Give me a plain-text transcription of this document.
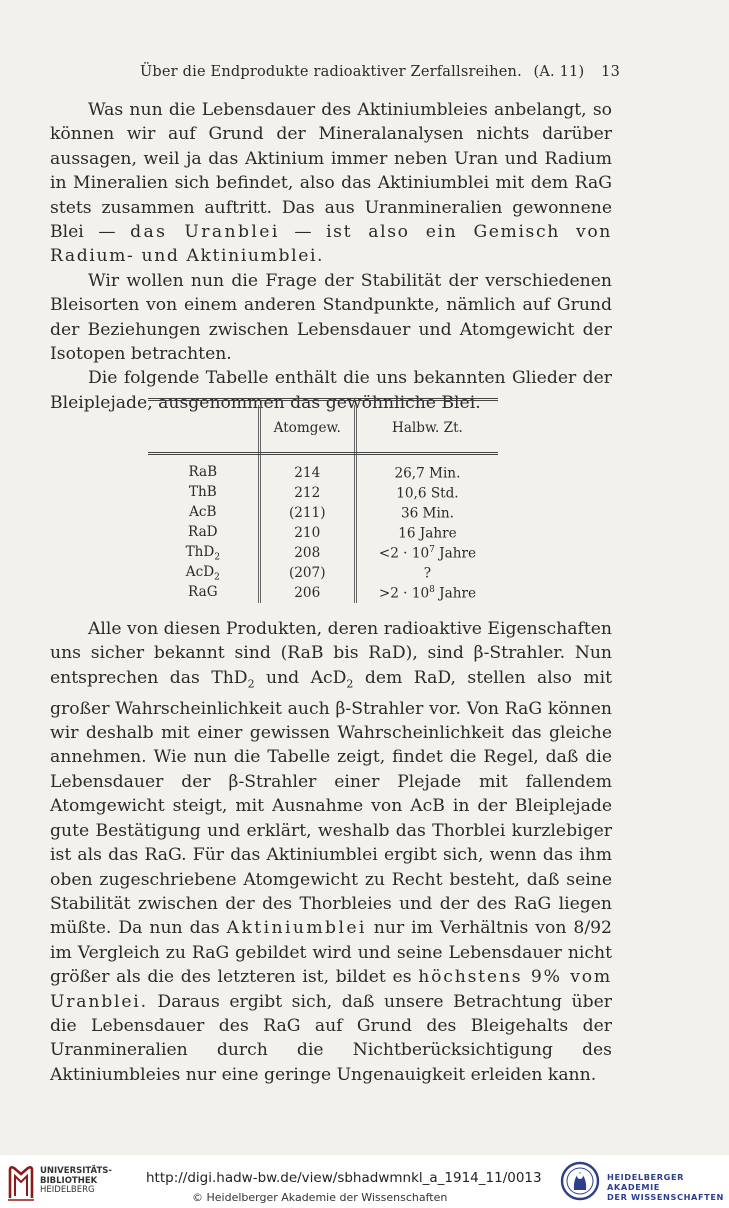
Über die Endprodukte radioaktiver Zerfallsreihen. (A. 11) 13

Was nun die Lebensdauer des Aktiniumbleies anbelangt, so können wir auf Grund der Mineralanalysen nichts darüber aussagen, weil ja das Aktinium immer neben Uran und Radium in Mineralien sich befindet, also das Aktiniumblei mit dem RaG stets zusammen auftritt. Das aus Uranmineralien gewonnene Blei — das Uranblei — ist also ein Gemisch von Radium- und Aktiniumblei.

Wir wollen nun die Frage der Stabilität der verschiedenen Bleisorten von einem anderen Standpunkte, nämlich auf Grund der Beziehungen zwischen Lebensdauer und Atomgewicht der Isotopen betrachten.

Die folgende Tabelle enthält die uns bekannten Glieder der Bleiplejade, ausgenommen das gewöhnliche Blei.

	Atomgew.	Halbw. Zt.
RaB	214	26,7 Min.
ThB	212	10,6 Std.
AcB	(211)	36 Min.
RaD	210	16 Jahre
ThD$_2$	208	$<2 \cdot 10^7$ Jahre
AcD$_2$	(207)	?
RaG	206	$>2 \cdot 10^8$ Jahre

Alle von diesen Produkten, deren radioaktive Eigenschaften uns sicher bekannt sind (RaB bis RaD), sind β-Strahler. Nun entsprechen das ThD$_2$ und AcD$_2$ dem RaD, stellen also mit großer Wahrscheinlichkeit auch β-Strahler vor. Von RaG können wir deshalb mit einer gewissen Wahrscheinlichkeit das gleiche annehmen. Wie nun die Tabelle zeigt, findet die Regel, daß die Lebensdauer der β-Strahler einer Plejade mit fallendem Atomgewicht steigt, mit Ausnahme von AcB in der Bleiplejade gute Bestätigung und erklärt, weshalb das Thorblei kurzlebiger ist als das RaG. Für das Aktiniumblei ergibt sich, wenn das ihm oben zugeschriebene Atomgewicht zu Recht besteht, daß seine Stabilität zwischen der des Thorbleies und der des RaG liegen müßte. Da nun das Aktiniumblei nur im Verhältnis von 8/92 im Vergleich zu RaG gebildet wird und seine Lebensdauer nicht größer als die des letzteren ist, bildet es höchstens 9% vom Uranblei. Daraus ergibt sich, daß unsere Betrachtung über die Lebensdauer des RaG auf Grund des Bleigehalts der Uranmineralien durch die Nichtberücksichtigung des Aktiniumbleies nur eine geringe Ungenauigkeit erleiden kann.

UNIVERSITÄTS-
BIBLIOTHEK
HEIDELBERG
http://digi.hadw-bw.de/view/sbhadwmnkl_a_1914_11/0013
© Heidelberger Akademie der Wissenschaften
HEIDELBERGER AKADEMIE
DER WISSENSCHAFTEN
